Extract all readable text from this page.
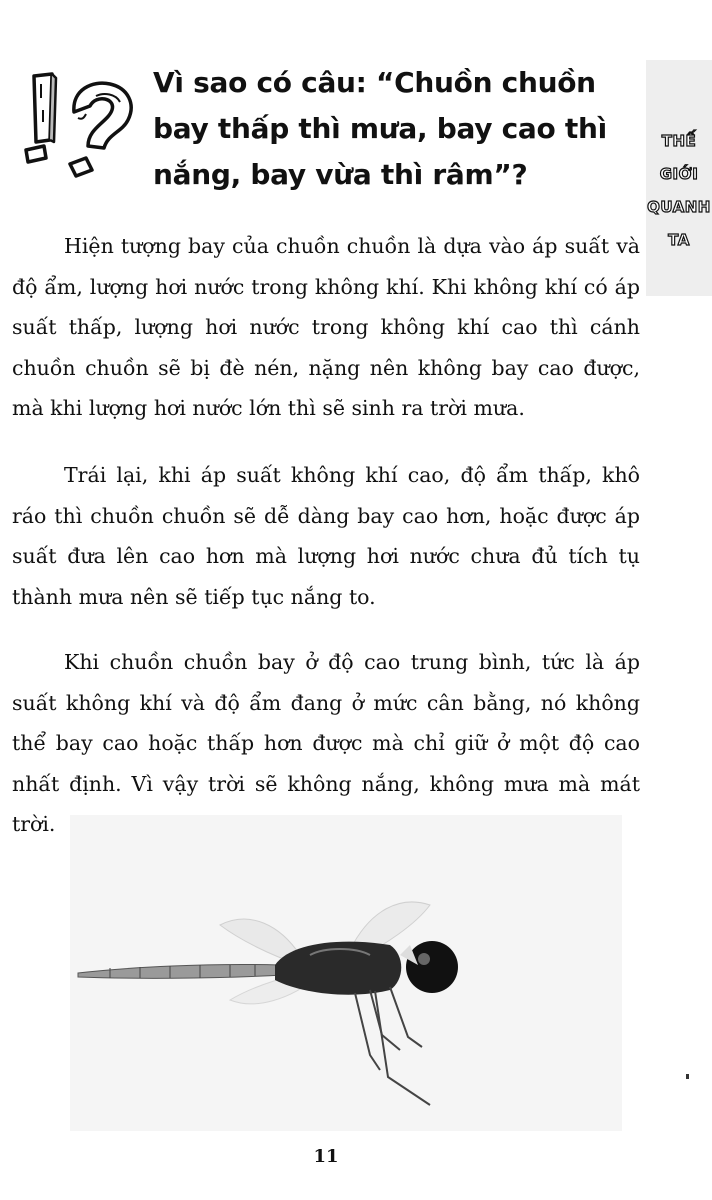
THẾ
GIỚI
QUANH
TA
Vì sao có câu: “Chuồn chuồn bay thấp thì mưa, bay cao thì nắng, bay vừa thì râm”?

Hiện tượng bay của chuồn chuồn là dựa vào áp suất và độ ẩm, lượng hơi nước trong không khí. Khi không khí có áp suất thấp, lượng hơi nước trong không khí cao thì cánh chuồn chuồn sẽ bị đè nén, nặng nên không bay cao được, mà khi lượng hơi nước lớn thì sẽ sinh ra trời mưa.

Trái lại, khi áp suất không khí cao, độ ẩm thấp, khô ráo thì chuồn chuồn sẽ dễ dàng bay cao hơn, hoặc được áp suất đưa lên cao hơn mà lượng hơi nước chưa đủ tích tụ thành mưa nên sẽ tiếp tục nắng to.

Khi chuồn chuồn bay ở độ cao trung bình, tức là áp suất không khí và độ ẩm đang ở mức cân bằng, nó không thể bay cao hoặc thấp hơn được mà chỉ giữ ở một độ cao nhất định. Vì vậy trời sẽ không nắng, không mưa mà mát trời.

11
